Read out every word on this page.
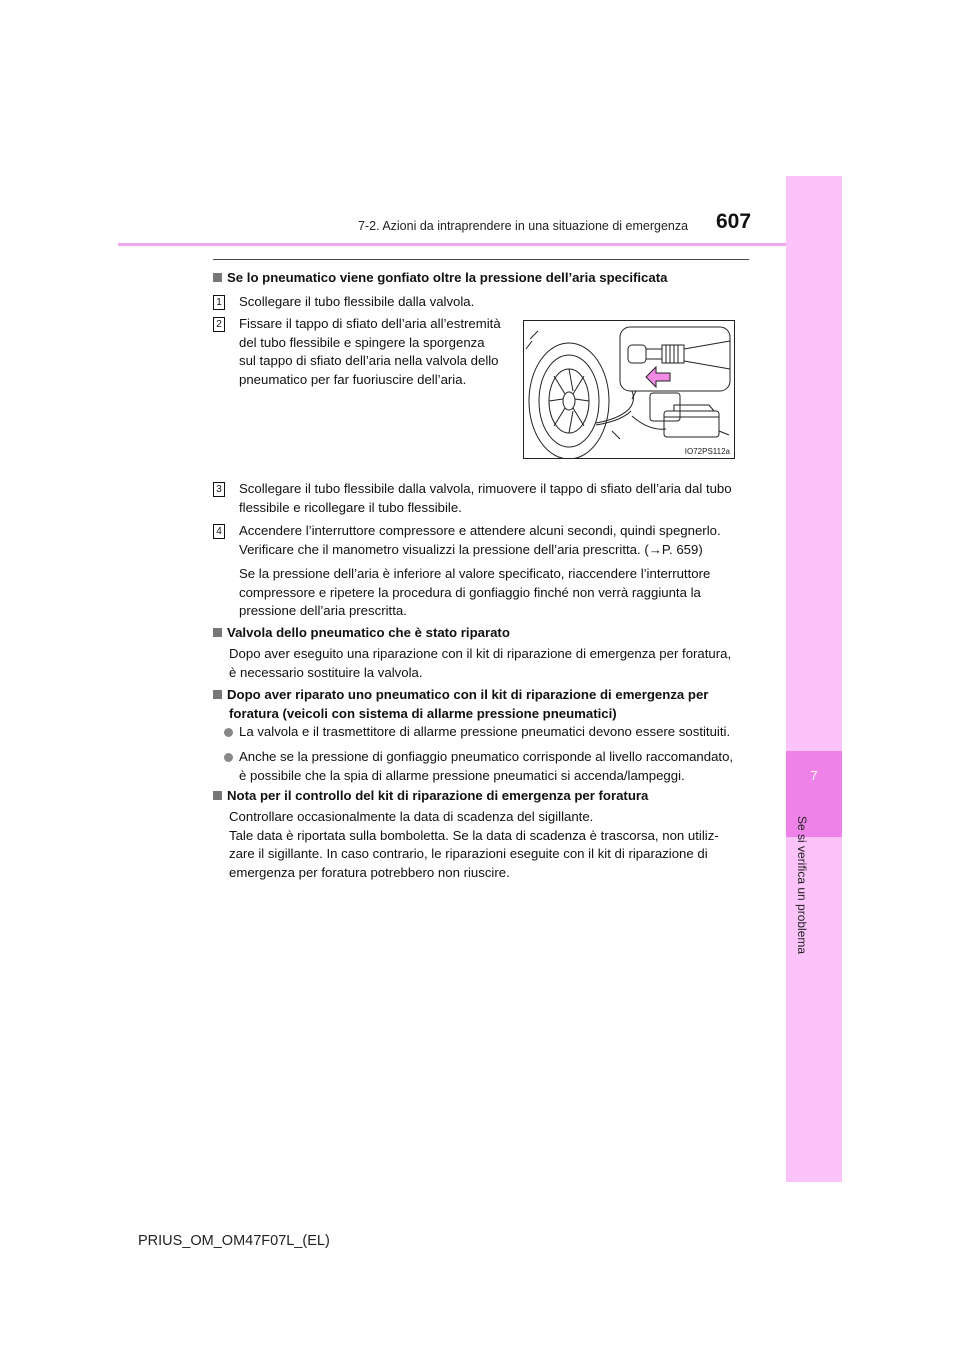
7-2. Azioni da intraprendere in una situazione di emergenza 607
7
Se si verifica un problema
Se lo pneumatico viene gonfiato oltre la pressione dell’aria specificata
1 Scollegare il tubo flessibile dalla valvola.
2 Fissare il tappo di sfiato dell’aria all’estremità
del tubo flessibile e spingere la sporgenza
sul tappo di sfiato dell’aria nella valvola dello
pneumatico per far fuoriuscire dell’aria.
IO72PS112a
3 Scollegare il tubo flessibile dalla valvola, rimuovere il tappo di sfiato dell’aria dal tubo
flessibile e ricollegare il tubo flessibile.
4 Accendere l’interruttore compressore e attendere alcuni secondi, quindi spegnerlo.
Verificare che il manometro visualizzi la pressione dell’aria prescritta. (→P. 659)
Se la pressione dell’aria è inferiore al valore specificato, riaccendere l’interruttore
compressore e ripetere la procedura di gonfiaggio finché non verrà raggiunta la
pressione dell’aria prescritta.
Valvola dello pneumatico che è stato riparato
Dopo aver eseguito una riparazione con il kit di riparazione di emergenza per foratura,
è necessario sostituire la valvola.
Dopo aver riparato uno pneumatico con il kit di riparazione di emergenza per
foratura (veicoli con sistema di allarme pressione pneumatici)
La valvola e il trasmettitore di allarme pressione pneumatici devono essere sostituiti.
Anche se la pressione di gonfiaggio pneumatico corrisponde al livello raccomandato,
è possibile che la spia di allarme pressione pneumatici si accenda/lampeggi.
Nota per il controllo del kit di riparazione di emergenza per foratura
Controllare occasionalmente la data di scadenza del sigillante.
Tale data è riportata sulla bomboletta. Se la data di scadenza è trascorsa, non utiliz-
zare il sigillante. In caso contrario, le riparazioni eseguite con il kit di riparazione di
emergenza per foratura potrebbero non riuscire.
PRIUS_OM_OM47F07L_(EL)
